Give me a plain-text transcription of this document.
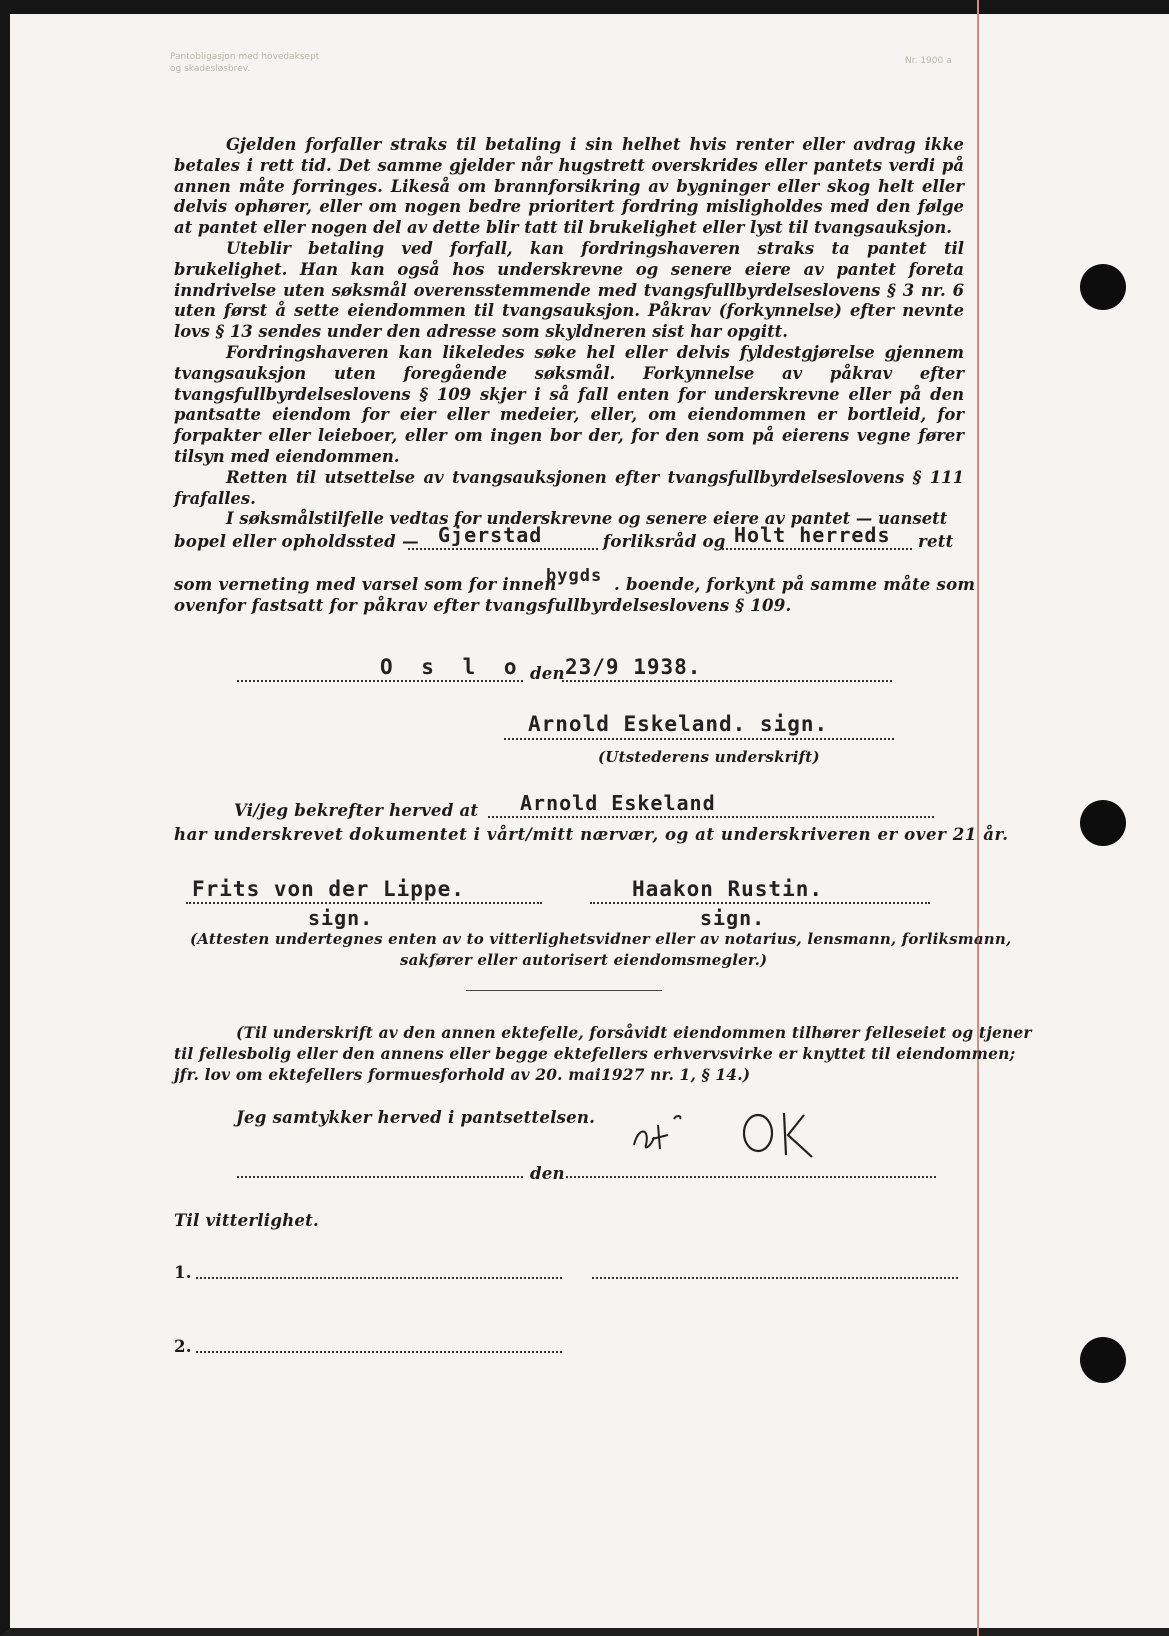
Pantobligasjon med hovedaksept
og skadesløsbrev.
Nr. 1900 a

Gjelden forfaller straks til betaling i sin helhet hvis renter eller avdrag ikke betales i rett tid. Det samme gjelder når hugstrett overskrides eller pantets verdi på annen måte forringes. Likeså om brannforsikring av bygninger eller skog helt eller delvis ophører, eller om nogen bedre prioritert fordring misligholdes med den følge at pantet eller nogen del av dette blir tatt til brukelighet eller lyst til tvangsauksjon.

Uteblir betaling ved forfall, kan fordringshaveren straks ta pantet til brukelighet. Han kan også hos underskrevne og senere eiere av pantet foreta inndrivelse uten søksmål overensstemmende med tvangsfullbyrdelseslovens § 3 nr. 6 uten først å sette eiendommen til tvangsauksjon. Påkrav (forkynnelse) efter nevnte lovs § 13 sendes under den adresse som skyldneren sist har opgitt.

Fordringshaveren kan likeledes søke hel eller delvis fyldestgjørelse gjennem tvangsauksjon uten foregående søksmål. Forkynnelse av påkrav efter tvangsfullbyrdelseslovens § 109 skjer i så fall enten for underskrevne eller på den pantsatte eiendom for eier eller medeier, eller, om eiendommen er bortleid, for forpakter eller leieboer, eller om ingen bor der, for den som på eierens vegne fører tilsyn med eiendommen.

Retten til utsettelse av tvangsauksjonen efter tvangsfullbyrdelseslovens § 111 frafalles.

I søksmålstilfelle vedtas for underskrevne og senere eiere av pantet — uansett

bopel eller opholdssted — Gjerstad	forliksråd og Holt herreds rett
som verneting med varsel som for innen
bygds . boende, forkynt på samme måte som
ovenfor fastsatt for påkrav efter tvangsfullbyrdelseslovens § 109.
O s l o den 23/9 1938.
Arnold Eskeland. sign.
(Utstederens underskrift)
Vi/jeg bekrefter herved at Arnold Eskeland
har underskrevet dokumentet i vårt/mitt nærvær, og at underskriveren er over 21 år.
Frits von der Lippe.	Haakon Rustin.
sign.	sign.
(Attesten undertegnes enten av to vitterlighetsvidner eller av notarius, lensmann, forliksmann,
sakfører eller autorisert eiendomsmegler.)
(Til underskrift av den annen ektefelle, forsåvidt eiendommen tilhører felleseiet og tjener
til fellesbolig eller den annens eller begge ektefellers erhvervsvirke er knyttet til eiendommen;
jfr. lov om ektefellers formuesforhold av 20. mai1927 nr. 1, § 14.)
Jeg samtykker herved i pantsettelsen.
den
Til vitterlighet.
1.
2.
